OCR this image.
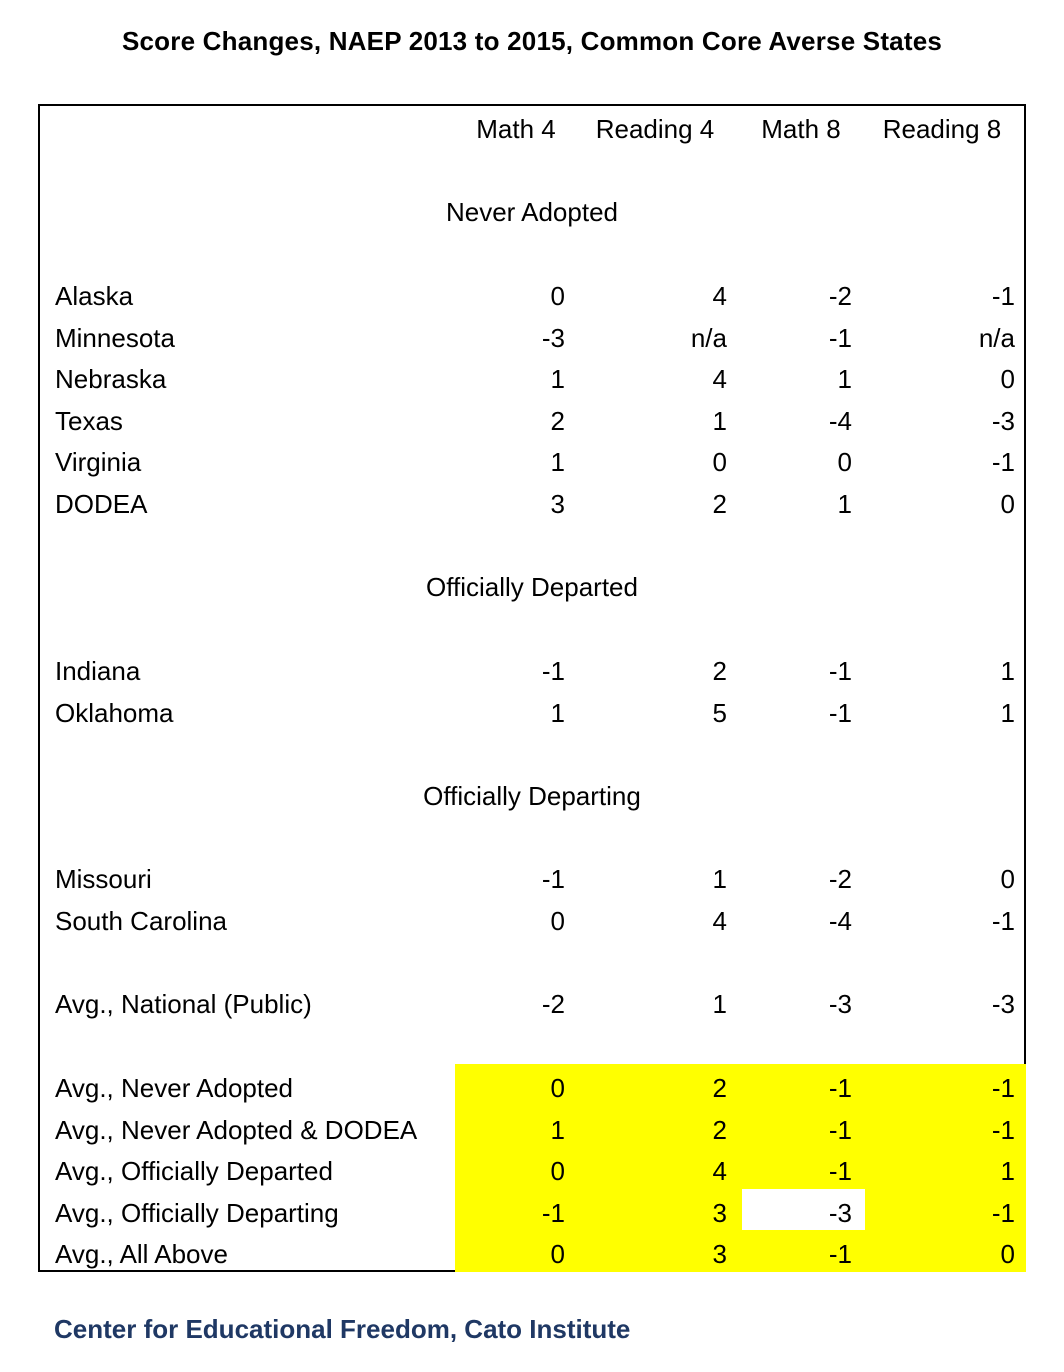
Score Changes, NAEP 2013 to 2015, Common Core Averse States
Math 4	Reading 4	Math 8	Reading 8
Never Adopted
Alaska	0	4	-2	-1
Minnesota	-3	n/a	-1	n/a
Nebraska	1	4	1	0
Texas	2	1	-4	-3
Virginia	1	0	0	-1
DODEA	3	2	1	0
Officially Departed
Indiana	-1	2	-1	1
Oklahoma	1	5	-1	1
Officially Departing
Missouri	-1	1	-2	0
South Carolina	0	4	-4	-1
Avg., National (Public)	-2	1	-3	-3
Avg., Never Adopted	0	2	-1	-1
Avg., Never Adopted & DODEA	1	2	-1	-1
Avg., Officially Departed	0	4	-1	1
Avg., Officially Departing	-1	3	-3	-1
Avg., All Above	0	3	-1	0
Center for Educational Freedom, Cato Institute
